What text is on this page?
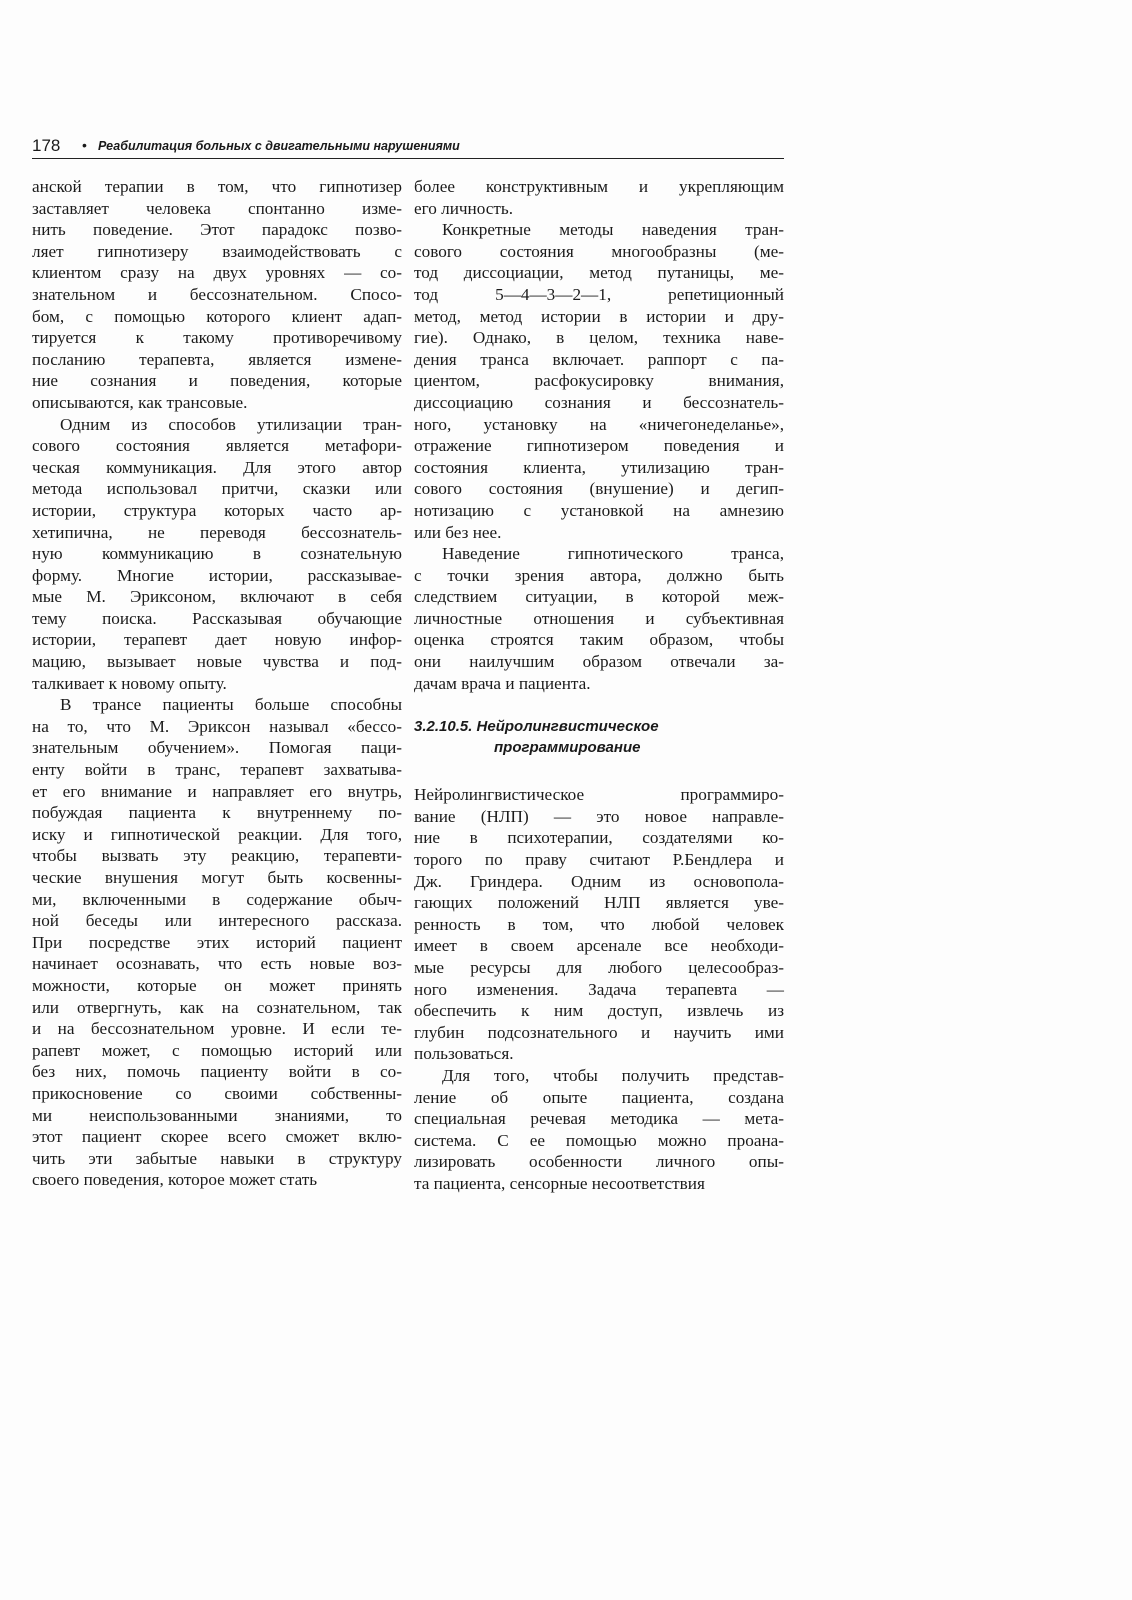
178 • Реабилитация больных с двигательными нарушениями
анской терапии в том, что гипнотизер
заставляет человека спонтанно изме-
нить поведение. Этот парадокс позво-
ляет гипнотизеру взаимодействовать с
клиентом сразу на двух уровнях — со-
знательном и бессознательном. Спосо-
бом, с помощью которого клиент адап-
тируется к такому противоречивому
посланию терапевта, является измене-
ние сознания и поведения, которые
описываются, как трансовые.
Одним из способов утилизации тран-
сового состояния является метафори-
ческая коммуникация. Для этого автор
метода использовал притчи, сказки или
истории, структура которых часто ар-
хетипична, не переводя бессознатель-
ную коммуникацию в сознательную
форму. Многие истории, рассказывае-
мые М. Эриксоном, включают в себя
тему поиска. Рассказывая обучающие
истории, терапевт дает новую инфор-
мацию, вызывает новые чувства и под-
талкивает к новому опыту.
В трансе пациенты больше способны
на то, что М. Эриксон называл «бессо-
знательным обучением». Помогая паци-
енту войти в транс, терапевт захватыва-
ет его внимание и направляет его внутрь,
побуждая пациента к внутреннему по-
иску и гипнотической реакции. Для того,
чтобы вызвать эту реакцию, терапевти-
ческие внушения могут быть косвенны-
ми, включенными в содержание обыч-
ной беседы или интересного рассказа.
При посредстве этих историй пациент
начинает осознавать, что есть новые воз-
можности, которые он может принять
или отвергнуть, как на сознательном, так
и на бессознательном уровне. И если те-
рапевт может, с помощью историй или
без них, помочь пациенту войти в со-
прикосновение со своими собственны-
ми неиспользованными знаниями, то
этот пациент скорее всего сможет вклю-
чить эти забытые навыки в структуру
своего поведения, которое может стать
более конструктивным и укрепляющим
его личность.
Конкретные методы наведения тран-
сового состояния многообразны (ме-
тод диссоциации, метод путаницы, ме-
тод 5—4—3—2—1, репетиционный
метод, метод истории в истории и дру-
гие). Однако, в целом, техника наве-
дения транса включает. раппорт с па-
циентом, расфокусировку внимания,
диссоциацию сознания и бессознатель-
ного, установку на «ничегонеделанье»,
отражение гипнотизером поведения и
состояния клиента, утилизацию тран-
сового состояния (внушение) и дегип-
нотизацию с установкой на амнезию
или без нее.
Наведение гипнотического транса,
с точки зрения автора, должно быть
следствием ситуации, в которой меж-
личностные отношения и субъективная
оценка строятся таким образом, чтобы
они наилучшим образом отвечали за-
дачам врача и пациента.
3.2.10.5. Нейролингвистическое
программирование
Нейролингвистическое программиро-
вание (НЛП) — это новое направле-
ние в психотерапии, создателями ко-
торого по праву считают Р.Бендлера и
Дж. Гриндера. Одним из основопола-
гающих положений НЛП является уве-
ренность в том, что любой человек
имеет в своем арсенале все необходи-
мые ресурсы для любого целесообраз-
ного изменения. Задача терапевта —
обеспечить к ним доступ, извлечь из
глубин подсознательного и научить ими
пользоваться.
Для того, чтобы получить представ-
ление об опыте пациента, создана
специальная речевая методика — мета-
система. С ее помощью можно проана-
лизировать особенности личного опы-
та пациента, сенсорные несоответствия
